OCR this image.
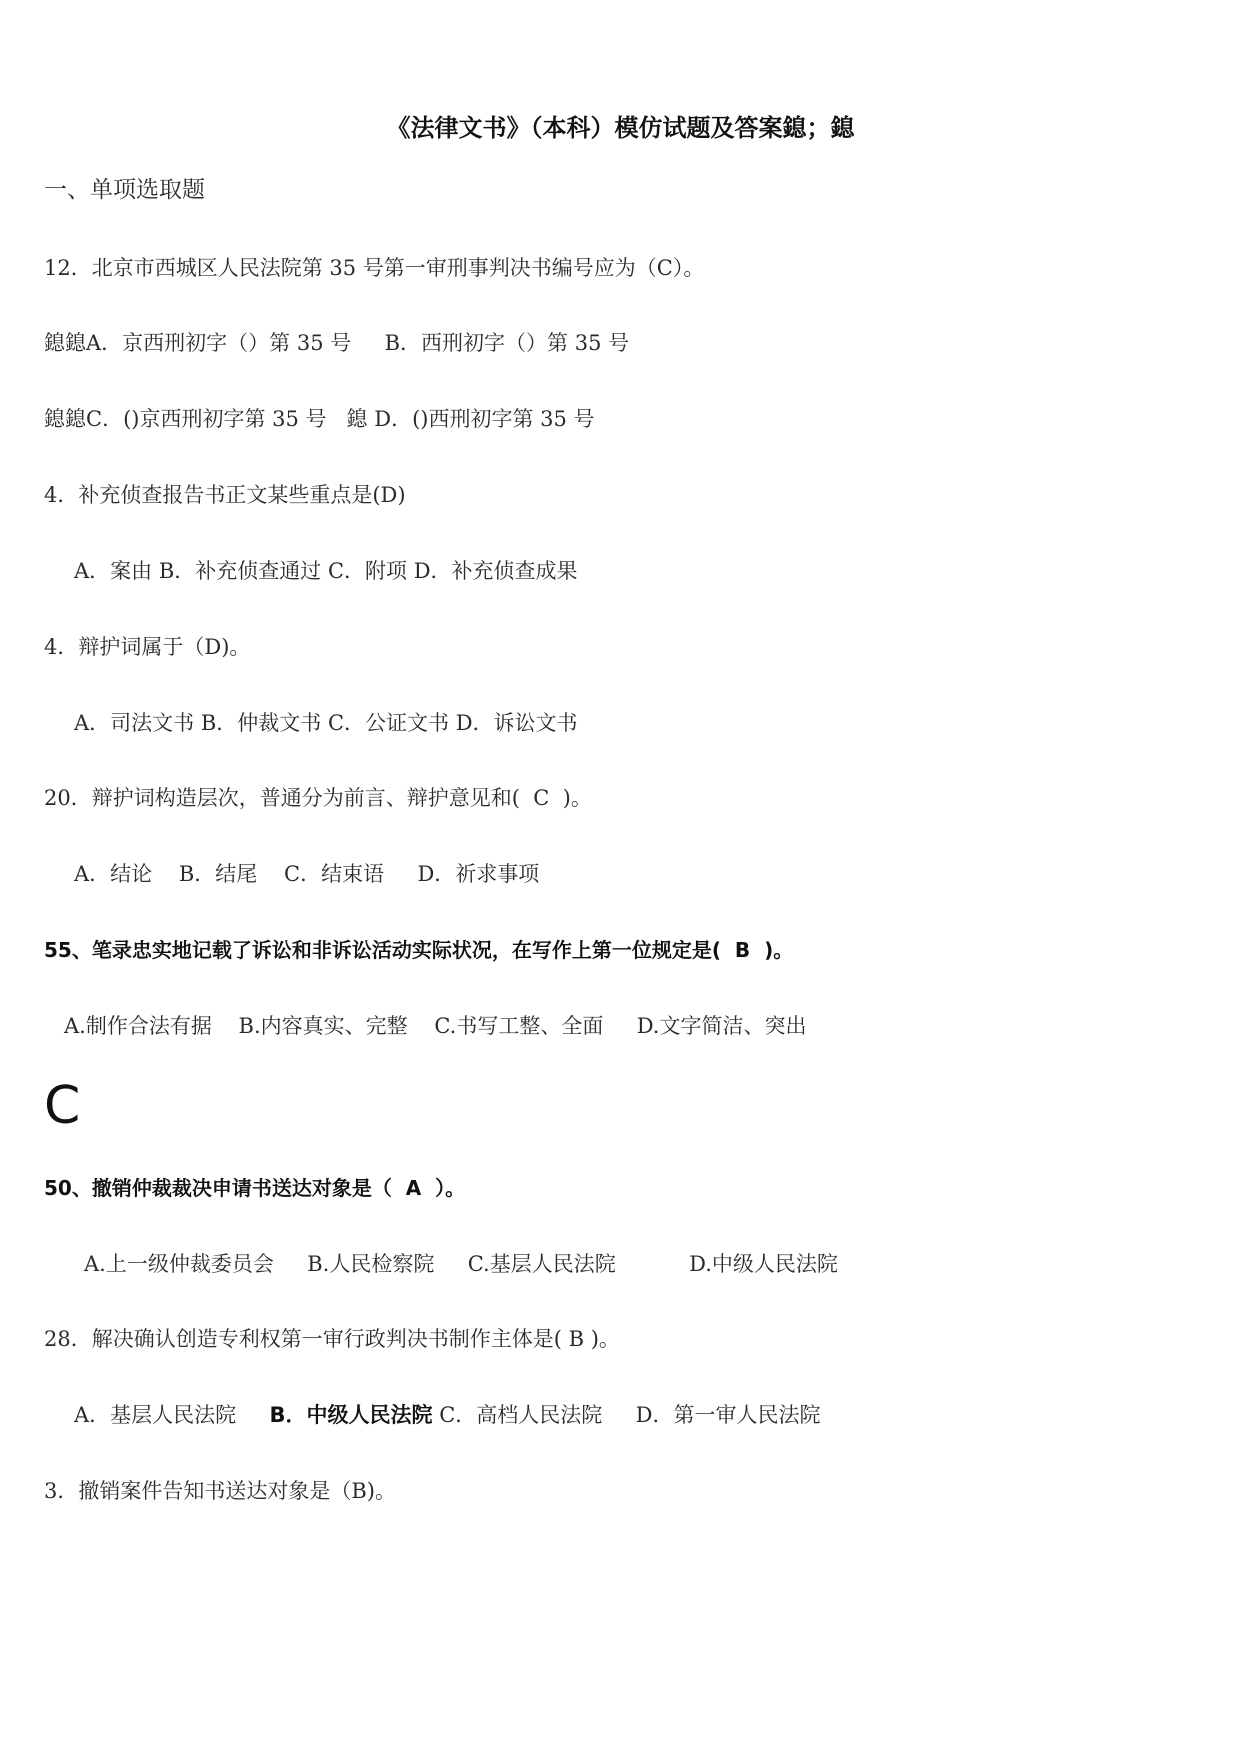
《法律文书》（本科）模仿试题及答案鎴；鎴
一、单项选取题
12．北京市西城区人民法院第 35 号第一审刑事判决书编号应为（C）。
鎴鎴A．京西刑初字（）第 35 号     B．西刑初字（）第 35 号
鎴鎴C．()京西刑初字第 35 号   鎴 D．()西刑初字第 35 号
4．补充侦查报告书正文某些重点是(D)
A．案由 B．补充侦查通过 C．附项 D．补充侦查成果
4．辩护词属于（D)。
A．司法文书 B．仲裁文书 C．公证文书 D．诉讼文书
20．辩护词构造层次，普通分为前言、辩护意见和(  C  )。
A．结论    B．结尾    C．结束语     D．祈求事项
55、笔录忠实地记载了诉讼和非诉讼活动实际状况，在写作上第一位规定是(  B  )。
A.制作合法有据    B.内容真实、完整    C.书写工整、全面     D.文字简洁、突出
C
50、撤销仲裁裁决申请书送达对象是（  A  ）。
A.上一级仲裁委员会     B.人民检察院     C.基层人民法院           D.中级人民法院
28．解决确认创造专利权第一审行政判决书制作主体是( B )。
A．基层人民法院     B．中级人民法院 C．高档人民法院     D．第一审人民法院
3．撤销案件告知书送达对象是（B)。
